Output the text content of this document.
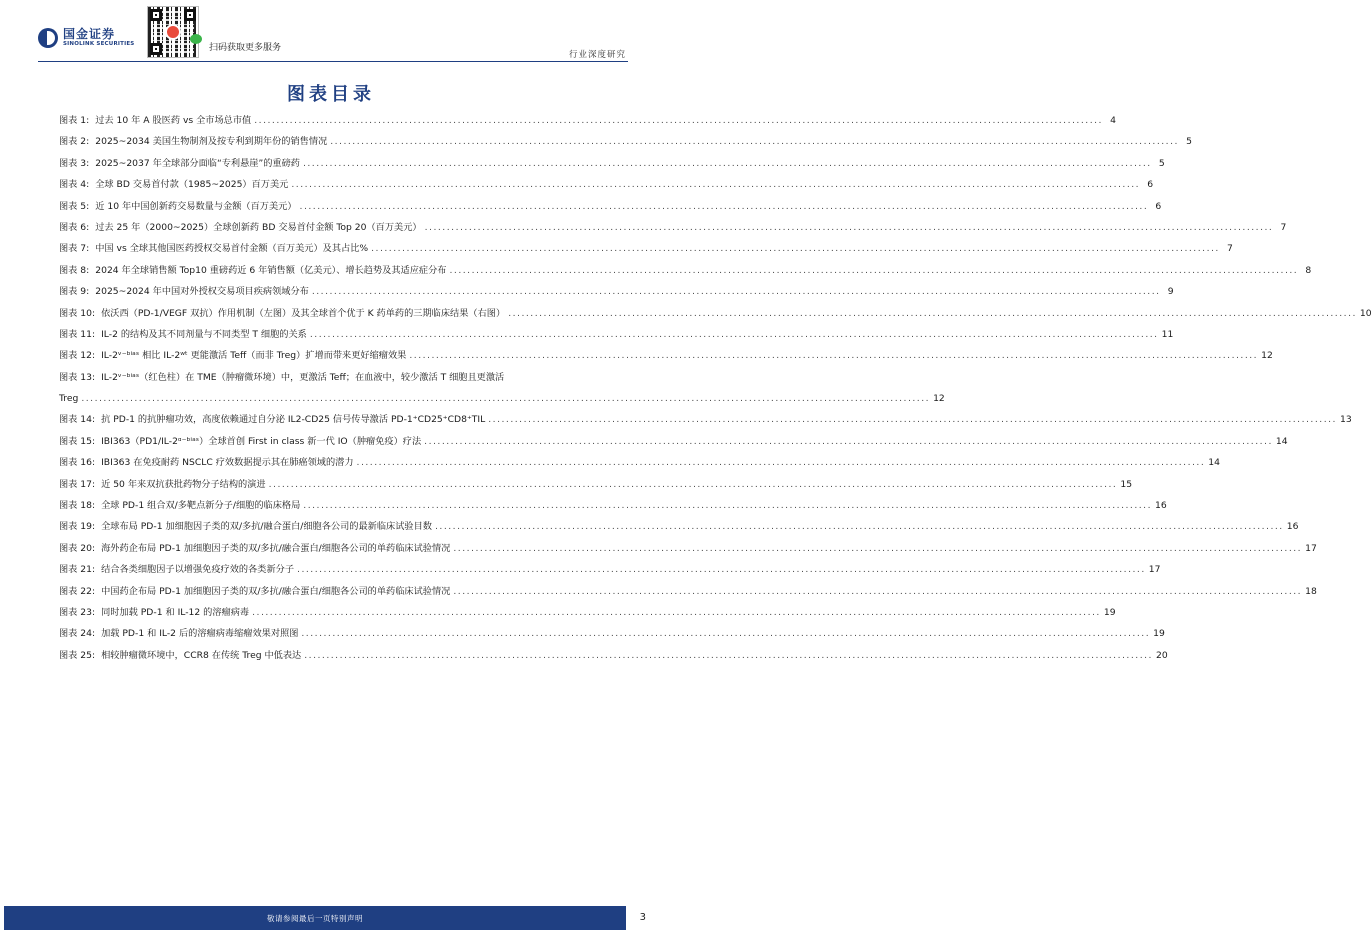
国金证券
SINOLINK SECURITIES	扫码获取更多服务
行业深度研究
图表目录
图表 1: 过去 10 年 A 股医药 vs 全市场总市值 .....	4
图表 2: 2025~2034 美国生物制剂及按专利到期年份的销售情况 .....	5
图表 3: 2025~2037 年全球部分面临“专利悬崖”的重磅药 .....	5
图表 4: 全球 BD 交易首付款（1985~2025）百万美元 .....	6
图表 5: 近 10 年中国创新药交易数量与金额（百万美元） .....	6
图表 6: 过去 25 年（2000~2025）全球创新药 BD 交易首付金额 Top 20（百万美元） .....	7
图表 7: 中国 vs 全球其他国医药授权交易首付金额（百万美元）及其占比% .....	7
图表 8: 2024 年全球销售额 Top10 重磅药近 6 年销售额（亿美元）、增长趋势及其适应症分布 .....	8
图表 9: 2025~2024 年中国对外授权交易项目疾病领域分布 .....	9
图表 10: 依沃西（PD-1/VEGF 双抗）作用机制（左图）及其全球首个优于 K 药单药的三期临床结果（右图） .....	10
图表 11: IL-2 的结构及其不同剂量与不同类型 T 细胞的关系 .....	11
图表 12: IL-2ᵛ⁻ᵇⁱᵃˢ 相比 IL-2ʷᵗ 更能激活 Teff（而非 Treg）扩增而带来更好缩瘤效果 .....	12
图表 13: IL-2ᵛ⁻ᵇⁱᵃˢ（红色柱）在 TME（肿瘤微环境）中，更激活 Teff；在血液中，较少激活 T 细胞且更激活
Treg .....	12
图表 14: 抗 PD-1 的抗肿瘤功效，高度依赖通过自分泌 IL2-CD25 信号传导激活 PD-1⁺CD25⁺CD8⁺TIL .....	13
图表 15: IBI363（PD1/IL-2ᵅ⁻ᵇⁱᵃˢ）全球首创 First in class 新一代 IO（肿瘤免疫）疗法 .....	14
图表 16: IBI363 在免疫耐药 NSCLC 疗效数据提示其在肺癌领域的潜力 .....	14
图表 17: 近 50 年来双抗获批药物分子结构的演进 .....	15
图表 18: 全球 PD-1 组合双/多靶点新分子/细胞的临床格局 .....	16
图表 19: 全球布局 PD-1 加细胞因子类的双/多抗/融合蛋白/细胞各公司的最新临床试验目数 .....	16
图表 20: 海外药企布局 PD-1 加细胞因子类的双/多抗/融合蛋白/细胞各公司的单药临床试验情况 .....	17
图表 21: 结合各类细胞因子以增强免疫疗效的各类新分子 .....	17
图表 22: 中国药企布局 PD-1 加细胞因子类的双/多抗/融合蛋白/细胞各公司的单药临床试验情况 .....	18
图表 23: 同时加载 PD-1 和 IL-12 的溶瘤病毒 .....	19
图表 24: 加载 PD-1 和 IL-2 后的溶瘤病毒缩瘤效果对照图 .....	19
图表 25: 相较肿瘤微环境中，CCR8 在传统 Treg 中低表达 .....	20
敬请参阅最后一页特别声明	3
